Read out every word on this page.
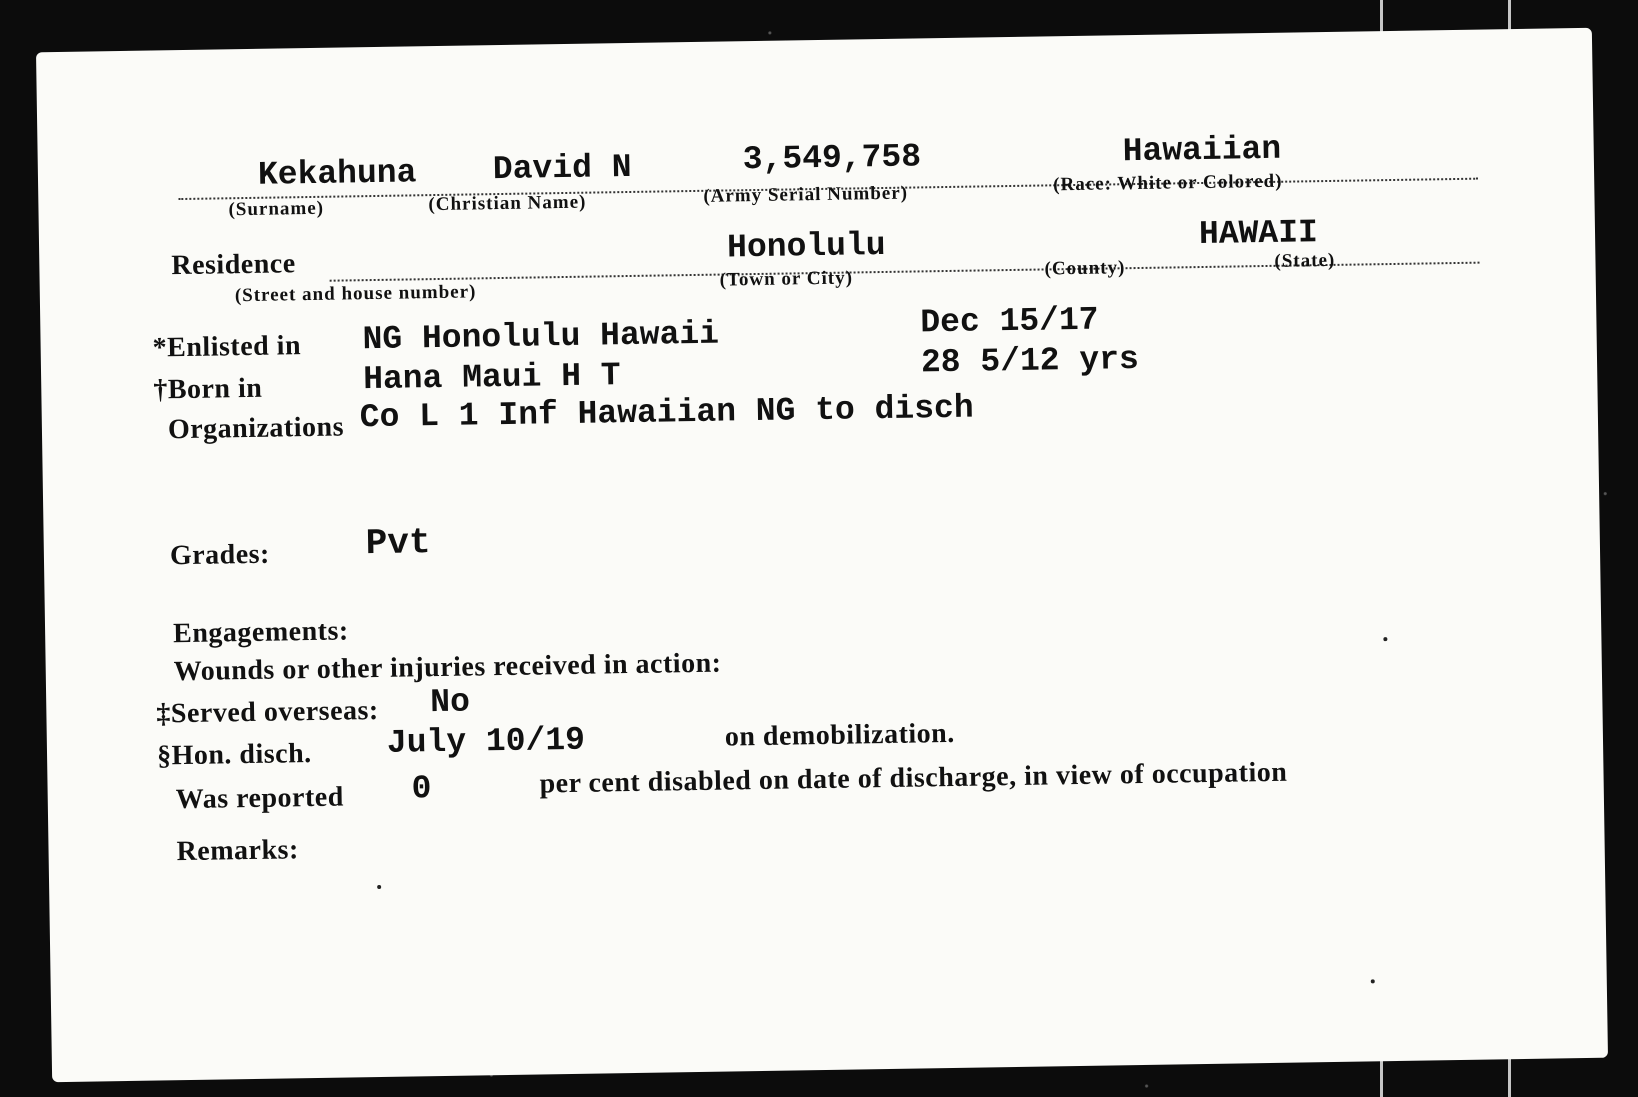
Kekahuna David N	3,549,758	Hawaiian
(Surname)	(Christian Name)	(Army Serial Number)	(Race: White or Colored)
Residence	Honolulu	HAWAII
(Street and house number)
(Town or City)	(County)	(State)
*Enlisted in NG Honolulu Hawaii	Dec 15/17
†Born in	Hana Maui H T	28 5/12 yrs
Organizations Co L 1 Inf Hawaiian NG to disch
Grades:	Pvt
Engagements:
Wounds or other injuries received in action:
‡Served overseas: No
§Hon. disch. July 10/19	on demobilization.
Was reported 0	per cent disabled on date of discharge, in view of occupation
Remarks:
